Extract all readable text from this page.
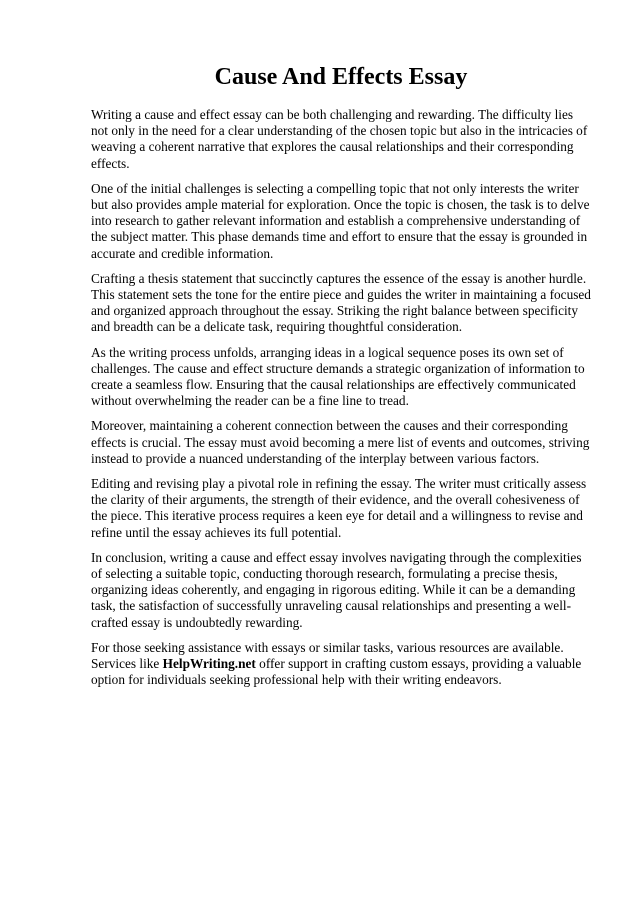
Cause And Effects Essay

Writing a cause and effect essay can be both challenging and rewarding. The difficulty lies not only in the need for a clear understanding of the chosen topic but also in the intricacies of weaving a coherent narrative that explores the causal relationships and their corresponding effects.

One of the initial challenges is selecting a compelling topic that not only interests the writer but also provides ample material for exploration. Once the topic is chosen, the task is to delve into research to gather relevant information and establish a comprehensive understanding of the subject matter. This phase demands time and effort to ensure that the essay is grounded in accurate and credible information.

Crafting a thesis statement that succinctly captures the essence of the essay is another hurdle. This statement sets the tone for the entire piece and guides the writer in maintaining a focused and organized approach throughout the essay. Striking the right balance between specificity and breadth can be a delicate task, requiring thoughtful consideration.

As the writing process unfolds, arranging ideas in a logical sequence poses its own set of challenges. The cause and effect structure demands a strategic organization of information to create a seamless flow. Ensuring that the causal relationships are effectively communicated without overwhelming the reader can be a fine line to tread.

Moreover, maintaining a coherent connection between the causes and their corresponding effects is crucial. The essay must avoid becoming a mere list of events and outcomes, striving instead to provide a nuanced understanding of the interplay between various factors.

Editing and revising play a pivotal role in refining the essay. The writer must critically assess the clarity of their arguments, the strength of their evidence, and the overall cohesiveness of the piece. This iterative process requires a keen eye for detail and a willingness to revise and refine until the essay achieves its full potential.

In conclusion, writing a cause and effect essay involves navigating through the complexities of selecting a suitable topic, conducting thorough research, formulating a precise thesis, organizing ideas coherently, and engaging in rigorous editing. While it can be a demanding task, the satisfaction of successfully unraveling causal relationships and presenting a well-crafted essay is undoubtedly rewarding.

For those seeking assistance with essays or similar tasks, various resources are available. Services like HelpWriting.net offer support in crafting custom essays, providing a valuable option for individuals seeking professional help with their writing endeavors.
